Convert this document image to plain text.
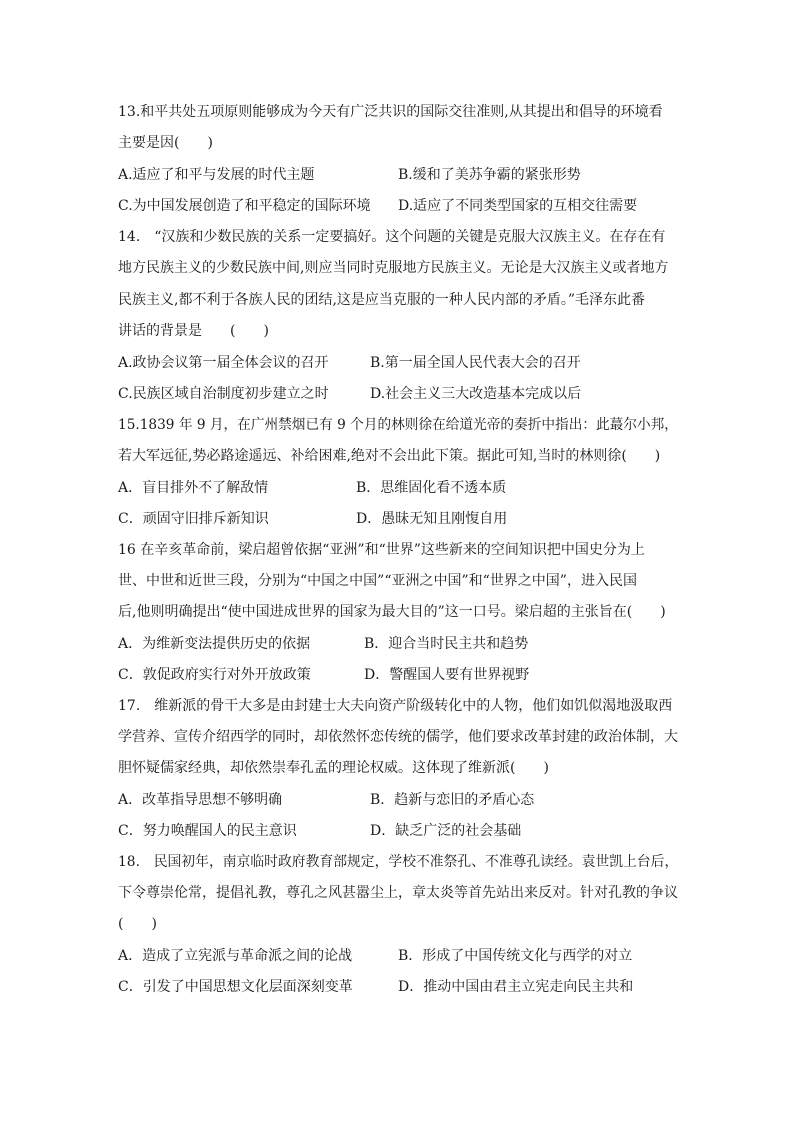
13.和平共处五项原则能够成为今天有广泛共识的国际交往准则,从其提出和倡导的环境看
主要是因(　　)
A.适应了和平与发展的时代主题	B.缓和了美苏争霸的紧张形势
C.为中国发展创造了和平稳定的国际环境 D.适应了不同类型国家的互相交往需要
14.　“汉族和少数民族的关系一定要搞好。这个问题的关键是克服大汉族主义。在存在有
地方民族主义的少数民族中间,则应当同时克服地方民族主义。无论是大汉族主义或者地方
民族主义,都不利于各族人民的团结,这是应当克服的一种人民内部的矛盾。”毛泽东此番
讲话的背景是　　(　　)
A.政协会议第一届全体会议的召开	B.第一届全国人民代表大会的召开
C.民族区域自治制度初步建立之时	D.社会主义三大改造基本完成以后
15.1839 年 9 月，在广州禁烟已有 9 个月的林则徐在给道光帝的奏折中指出：此蕞尔小邦，
若大军远征,势必路途遥远、补给困难,绝对不会出此下策。据此可知,当时的林则徐(　　)
A．盲目排外不了解敌情	B．思维固化看不透本质
C．顽固守旧排斥新知识	D．愚昧无知且刚愎自用
16 在辛亥革命前，梁启超曾依据“亚洲”和“世界”这些新来的空间知识把中国史分为上
世、中世和近世三段，分别为“中国之中国”“亚洲之中国”和“世界之中国”，进入民国
后,他则明确提出“使中国进成世界的国家为最大目的”这一口号。梁启超的主张旨在(　　)
A．为维新变法提供历史的依据	B．迎合当时民主共和趋势
C．敦促政府实行对外开放政策	D．警醒国人要有世界视野
17.　维新派的骨干大多是由封建士大夫向资产阶级转化中的人物，他们如饥似渴地汲取西
学营养、宣传介绍西学的同时，却依然怀恋传统的儒学，他们要求改革封建的政治体制，大
胆怀疑儒家经典，却依然崇奉孔孟的理论权威。这体现了维新派(　　)
A．改革指导思想不够明确	B．趋新与恋旧的矛盾心态
C．努力唤醒国人的民主意识	D．缺乏广泛的社会基础
18.　民国初年，南京临时政府教育部规定，学校不准祭孔、不准尊孔读经。袁世凯上台后，
下令尊崇伦常，提倡礼教，尊孔之风甚嚣尘上，章太炎等首先站出来反对。针对孔教的争议
(　　)
A．造成了立宪派与革命派之间的论战	B．形成了中国传统文化与西学的对立
C．引发了中国思想文化层面深刻变革	D．推动中国由君主立宪走向民主共和
